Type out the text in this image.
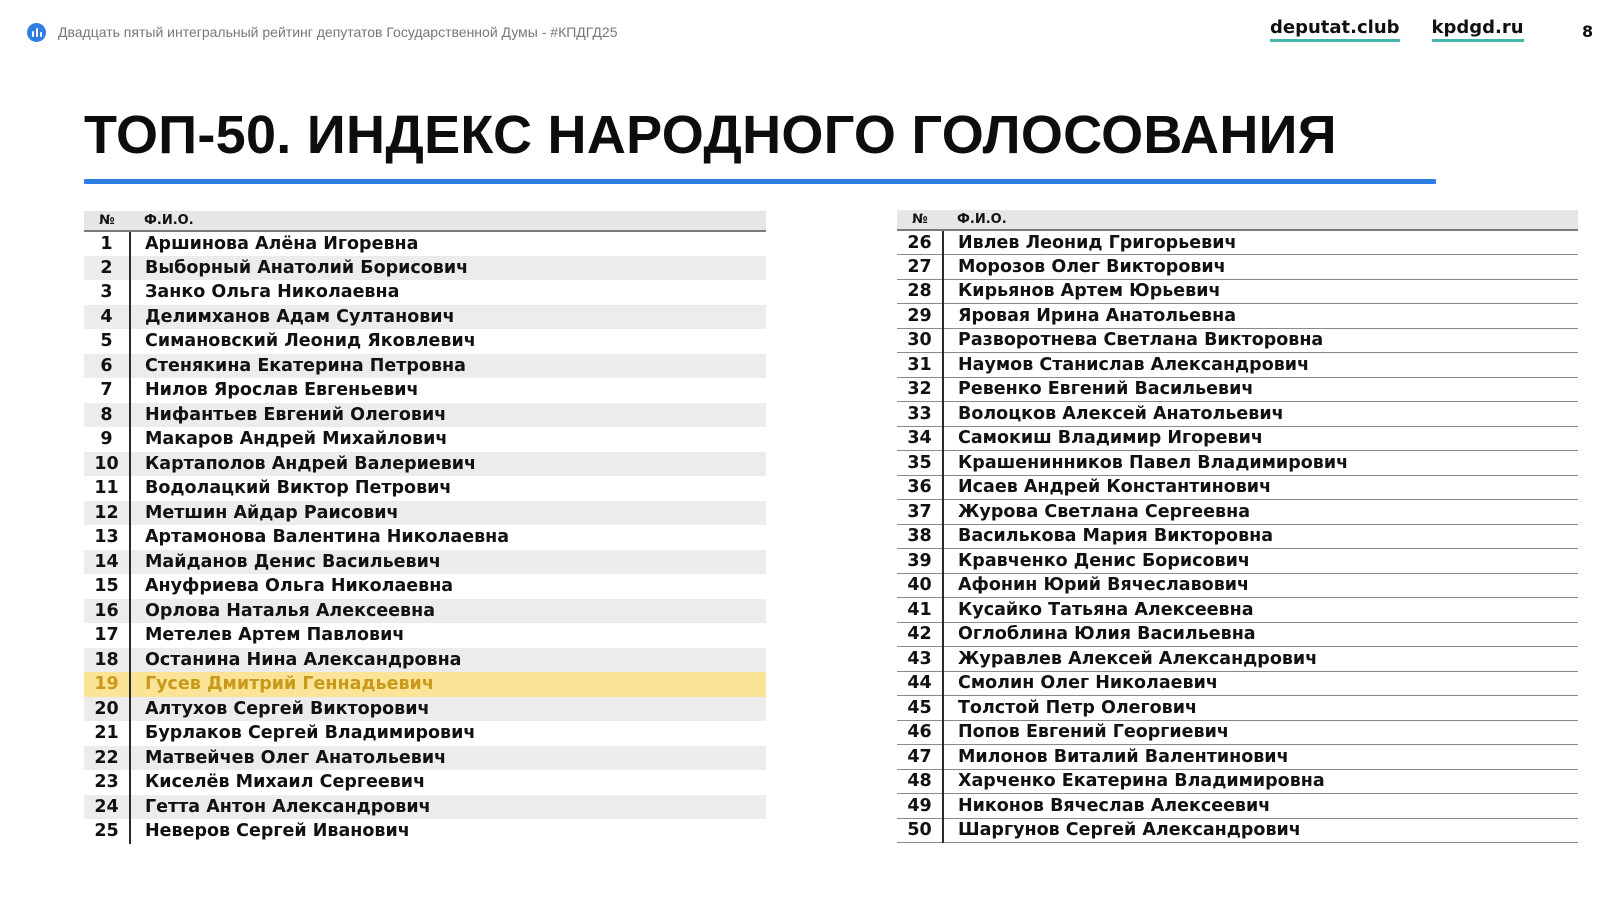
Двадцать пятый интегральный рейтинг депутатов Государственной Думы - #КПДГД25	deputat.club kpdgd.ru	8
ТОП-50. ИНДЕКС НАРОДНОГО ГОЛОСОВАНИЯ
№	Ф.И.О.
1	Аршинова Алёна Игоревна
2	Выборный Анатолий Борисович
3	Занко Ольга Николаевна
4	Делимханов Адам Султанович
5	Симановский Леонид Яковлевич
6	Стенякина Екатерина Петровна
7	Нилов Ярослав Евгеньевич
8	Нифантьев Евгений Олегович
9	Макаров Андрей Михайлович
10	Картаполов Андрей Валериевич
11	Водолацкий Виктор Петрович
12	Метшин Айдар Раисович
13	Артамонова Валентина Николаевна
14	Майданов Денис Васильевич
15	Ануфриева Ольга Николаевна
16	Орлова Наталья Алексеевна
17	Метелев Артем Павлович
18	Останина Нина Александровна
19	Гусев Дмитрий Геннадьевич
20	Алтухов Сергей Викторович
21	Бурлаков Сергей Владимирович
22	Матвейчев Олег Анатольевич
23	Киселёв Михаил Сергеевич
24	Гетта Антон Александрович
25	Неверов Сергей Иванович
№	Ф.И.О.
26	Ивлев Леонид Григорьевич
27	Морозов Олег Викторович
28	Кирьянов Артем Юрьевич
29	Яровая Ирина Анатольевна
30	Разворотнева Светлана Викторовна
31	Наумов Станислав Александрович
32	Ревенко Евгений Васильевич
33	Волоцков Алексей Анатольевич
34	Самокиш Владимир Игоревич
35	Крашенинников Павел Владимирович
36	Исаев Андрей Константинович
37	Журова Светлана Сергеевна
38	Василькова Мария Викторовна
39	Кравченко Денис Борисович
40	Афонин Юрий Вячеславович
41	Кусайко Татьяна Алексеевна
42	Оглоблина Юлия Васильевна
43	Журавлев Алексей Александрович
44	Смолин Олег Николаевич
45	Толстой Петр Олегович
46	Попов Евгений Георгиевич
47	Милонов Виталий Валентинович
48	Харченко Екатерина Владимировна
49	Никонов Вячеслав Алексеевич
50	Шаргунов Сергей Александрович
